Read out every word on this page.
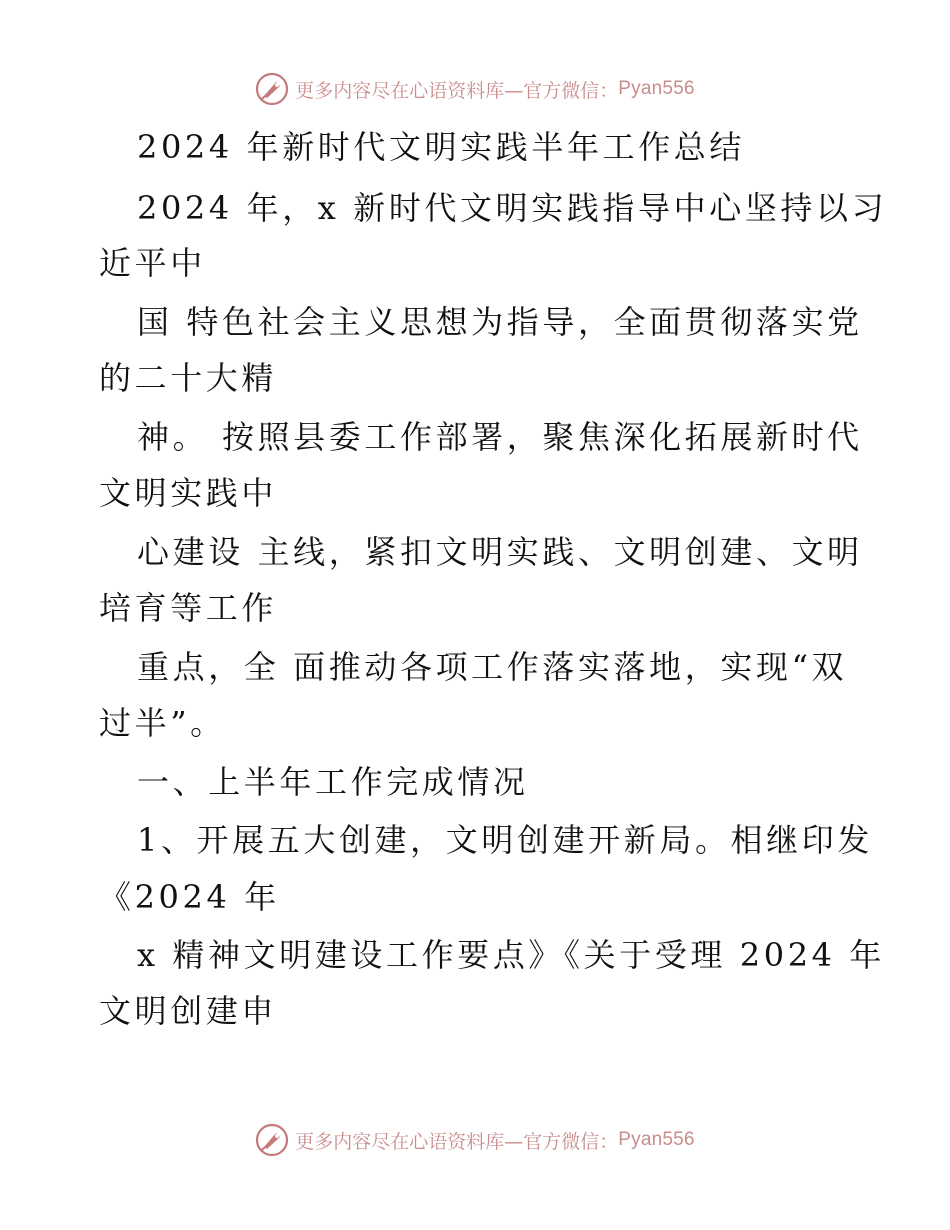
更多内容尽在心语资料库—官方微信： Pyan556
2024 年新时代文明实践半年工作总结
2024 年，x 新时代文明实践指导中心坚持以习
近平中
国 特色社会主义思想为指导，全面贯彻落实党
的二十大精
神。 按照县委工作部署，聚焦深化拓展新时代
文明实践中
心建设 主线，紧扣文明实践、文明创建、文明
培育等工作
重点，全 面推动各项工作落实落地，实现“双
过半”。
一、上半年工作完成情况
1、开展五大创建，文明创建开新局。相继印发
《2024 年
x 精神文明建设工作要点》《关于受理 2024 年
文明创建申
更多内容尽在心语资料库—官方微信： Pyan556
